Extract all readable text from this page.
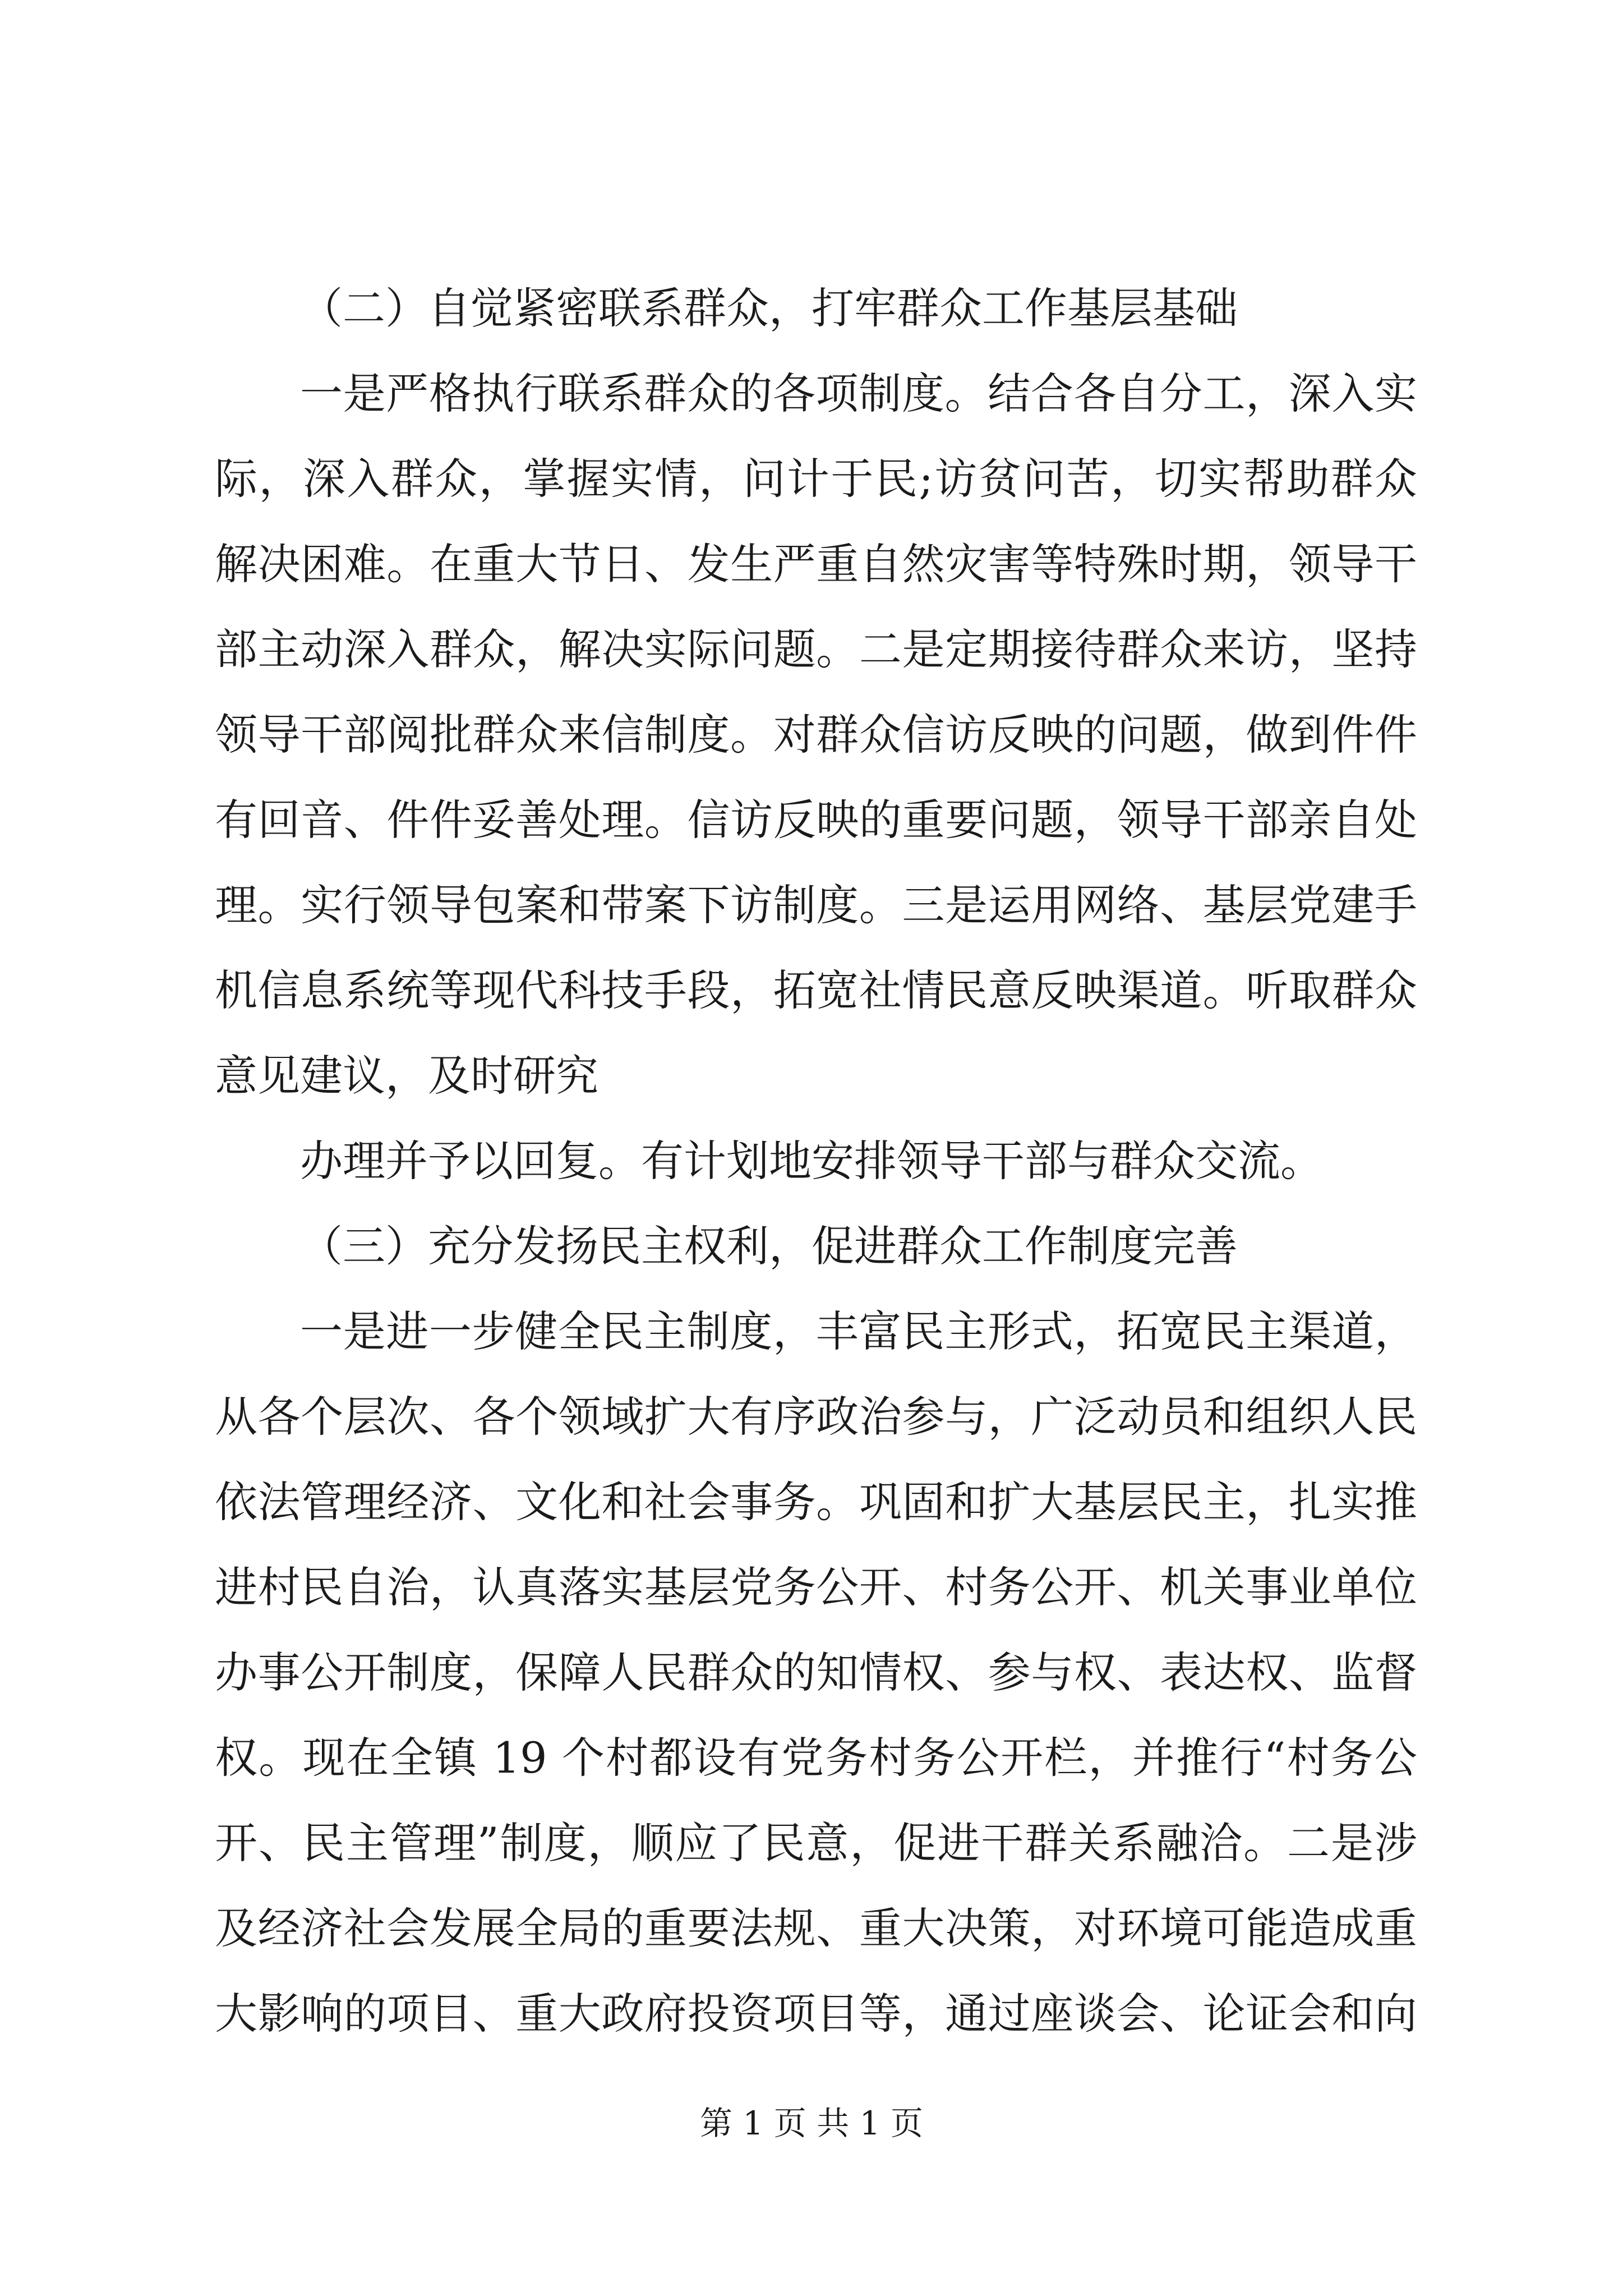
（二）自觉紧密联系群众，打牢群众工作基层基础
一是严格执行联系群众的各项制度。结合各自分工，深入实
际，深入群众，掌握实情，问计于民;访贫问苦，切实帮助群众
解决困难。在重大节日、发生严重自然灾害等特殊时期，领导干
部主动深入群众，解决实际问题。二是定期接待群众来访，坚持
领导干部阅批群众来信制度。对群众信访反映的问题，做到件件
有回音、件件妥善处理。信访反映的重要问题，领导干部亲自处
理。实行领导包案和带案下访制度。三是运用网络、基层党建手
机信息系统等现代科技手段，拓宽社情民意反映渠道。听取群众
意见建议，及时研究
办理并予以回复。有计划地安排领导干部与群众交流。
（三）充分发扬民主权利，促进群众工作制度完善
一是进一步健全民主制度，丰富民主形式，拓宽民主渠道，
从各个层次、各个领域扩大有序政治参与，广泛动员和组织人民
依法管理经济、文化和社会事务。巩固和扩大基层民主，扎实推
进村民自治，认真落实基层党务公开、村务公开、机关事业单位
办事公开制度，保障人民群众的知情权、参与权、表达权、监督
权。现在全镇 19 个村都设有党务村务公开栏，并推行“村务公
开、民主管理”制度，顺应了民意，促进干群关系融洽。二是涉
及经济社会发展全局的重要法规、重大决策，对环境可能造成重
大影响的项目、重大政府投资项目等，通过座谈会、论证会和向
第 1 页 共 1 页
